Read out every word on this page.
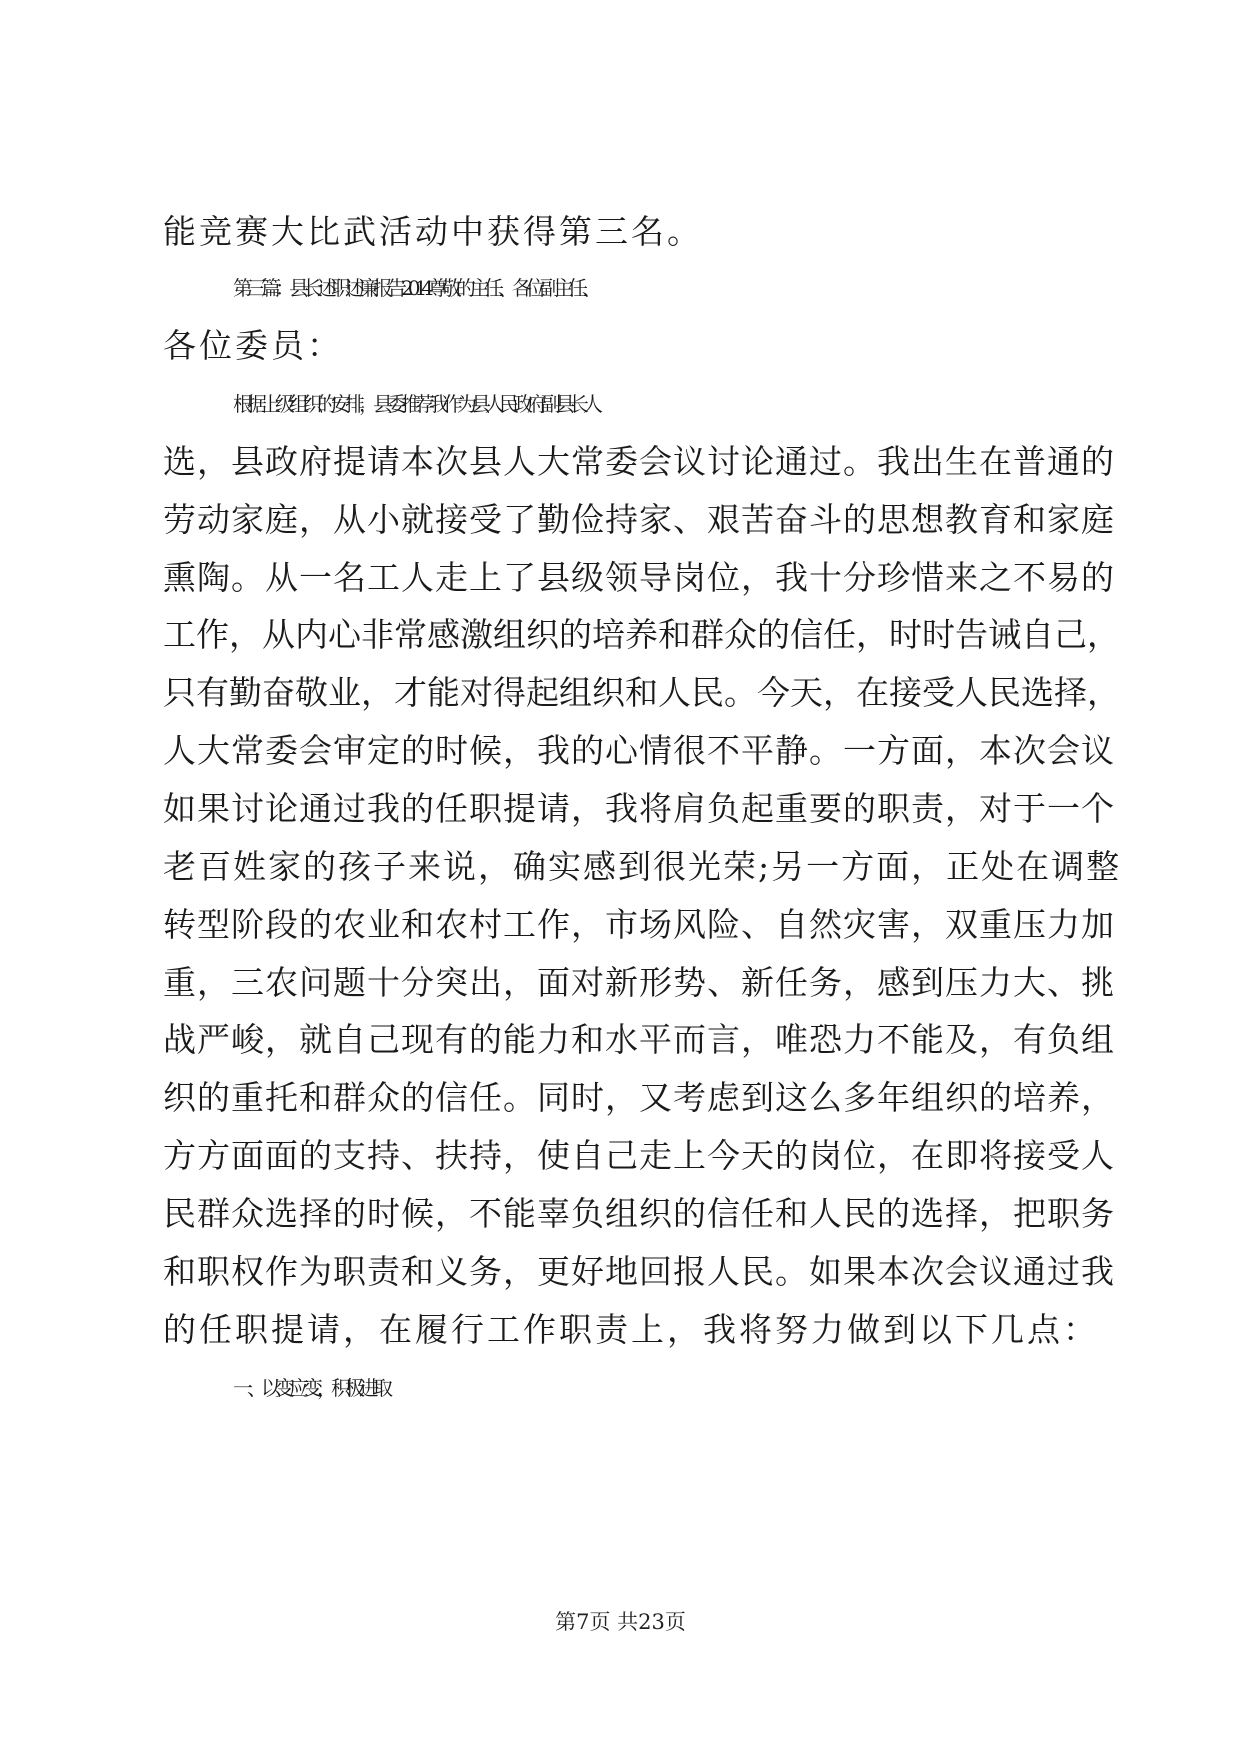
能竞赛大比武活动中获得第三名。
第三篇：县长述职述廉报告2014尊敬的主任、各位副主任、
各位委员：
根据上级组织的安排，县委推荐我作为县人民政府副县长人
选，县政府提请本次县人大常委会议讨论通过。我出生在普通的
劳动家庭，从小就接受了勤俭持家、艰苦奋斗的思想教育和家庭
熏陶。从一名工人走上了县级领导岗位，我十分珍惜来之不易的
工作，从内心非常感激组织的培养和群众的信任，时时告诫自己，
只有勤奋敬业，才能对得起组织和人民。今天，在接受人民选择，
人大常委会审定的时候，我的心情很不平静。一方面，本次会议
如果讨论通过我的任职提请，我将肩负起重要的职责，对于一个
老百姓家的孩子来说，确实感到很光荣;另一方面，正处在调整
转型阶段的农业和农村工作，市场风险、自然灾害，双重压力加
重，三农问题十分突出，面对新形势、新任务，感到压力大、挑
战严峻，就自己现有的能力和水平而言，唯恐力不能及，有负组
织的重托和群众的信任。同时，又考虑到这么多年组织的培养，
方方面面的支持、扶持，使自己走上今天的岗位，在即将接受人
民群众选择的时候，不能辜负组织的信任和人民的选择，把职务
和职权作为职责和义务，更好地回报人民。如果本次会议通过我
的任职提请，在履行工作职责上，我将努力做到以下几点：
一、以变应变，积极进取
第7页 共23页
